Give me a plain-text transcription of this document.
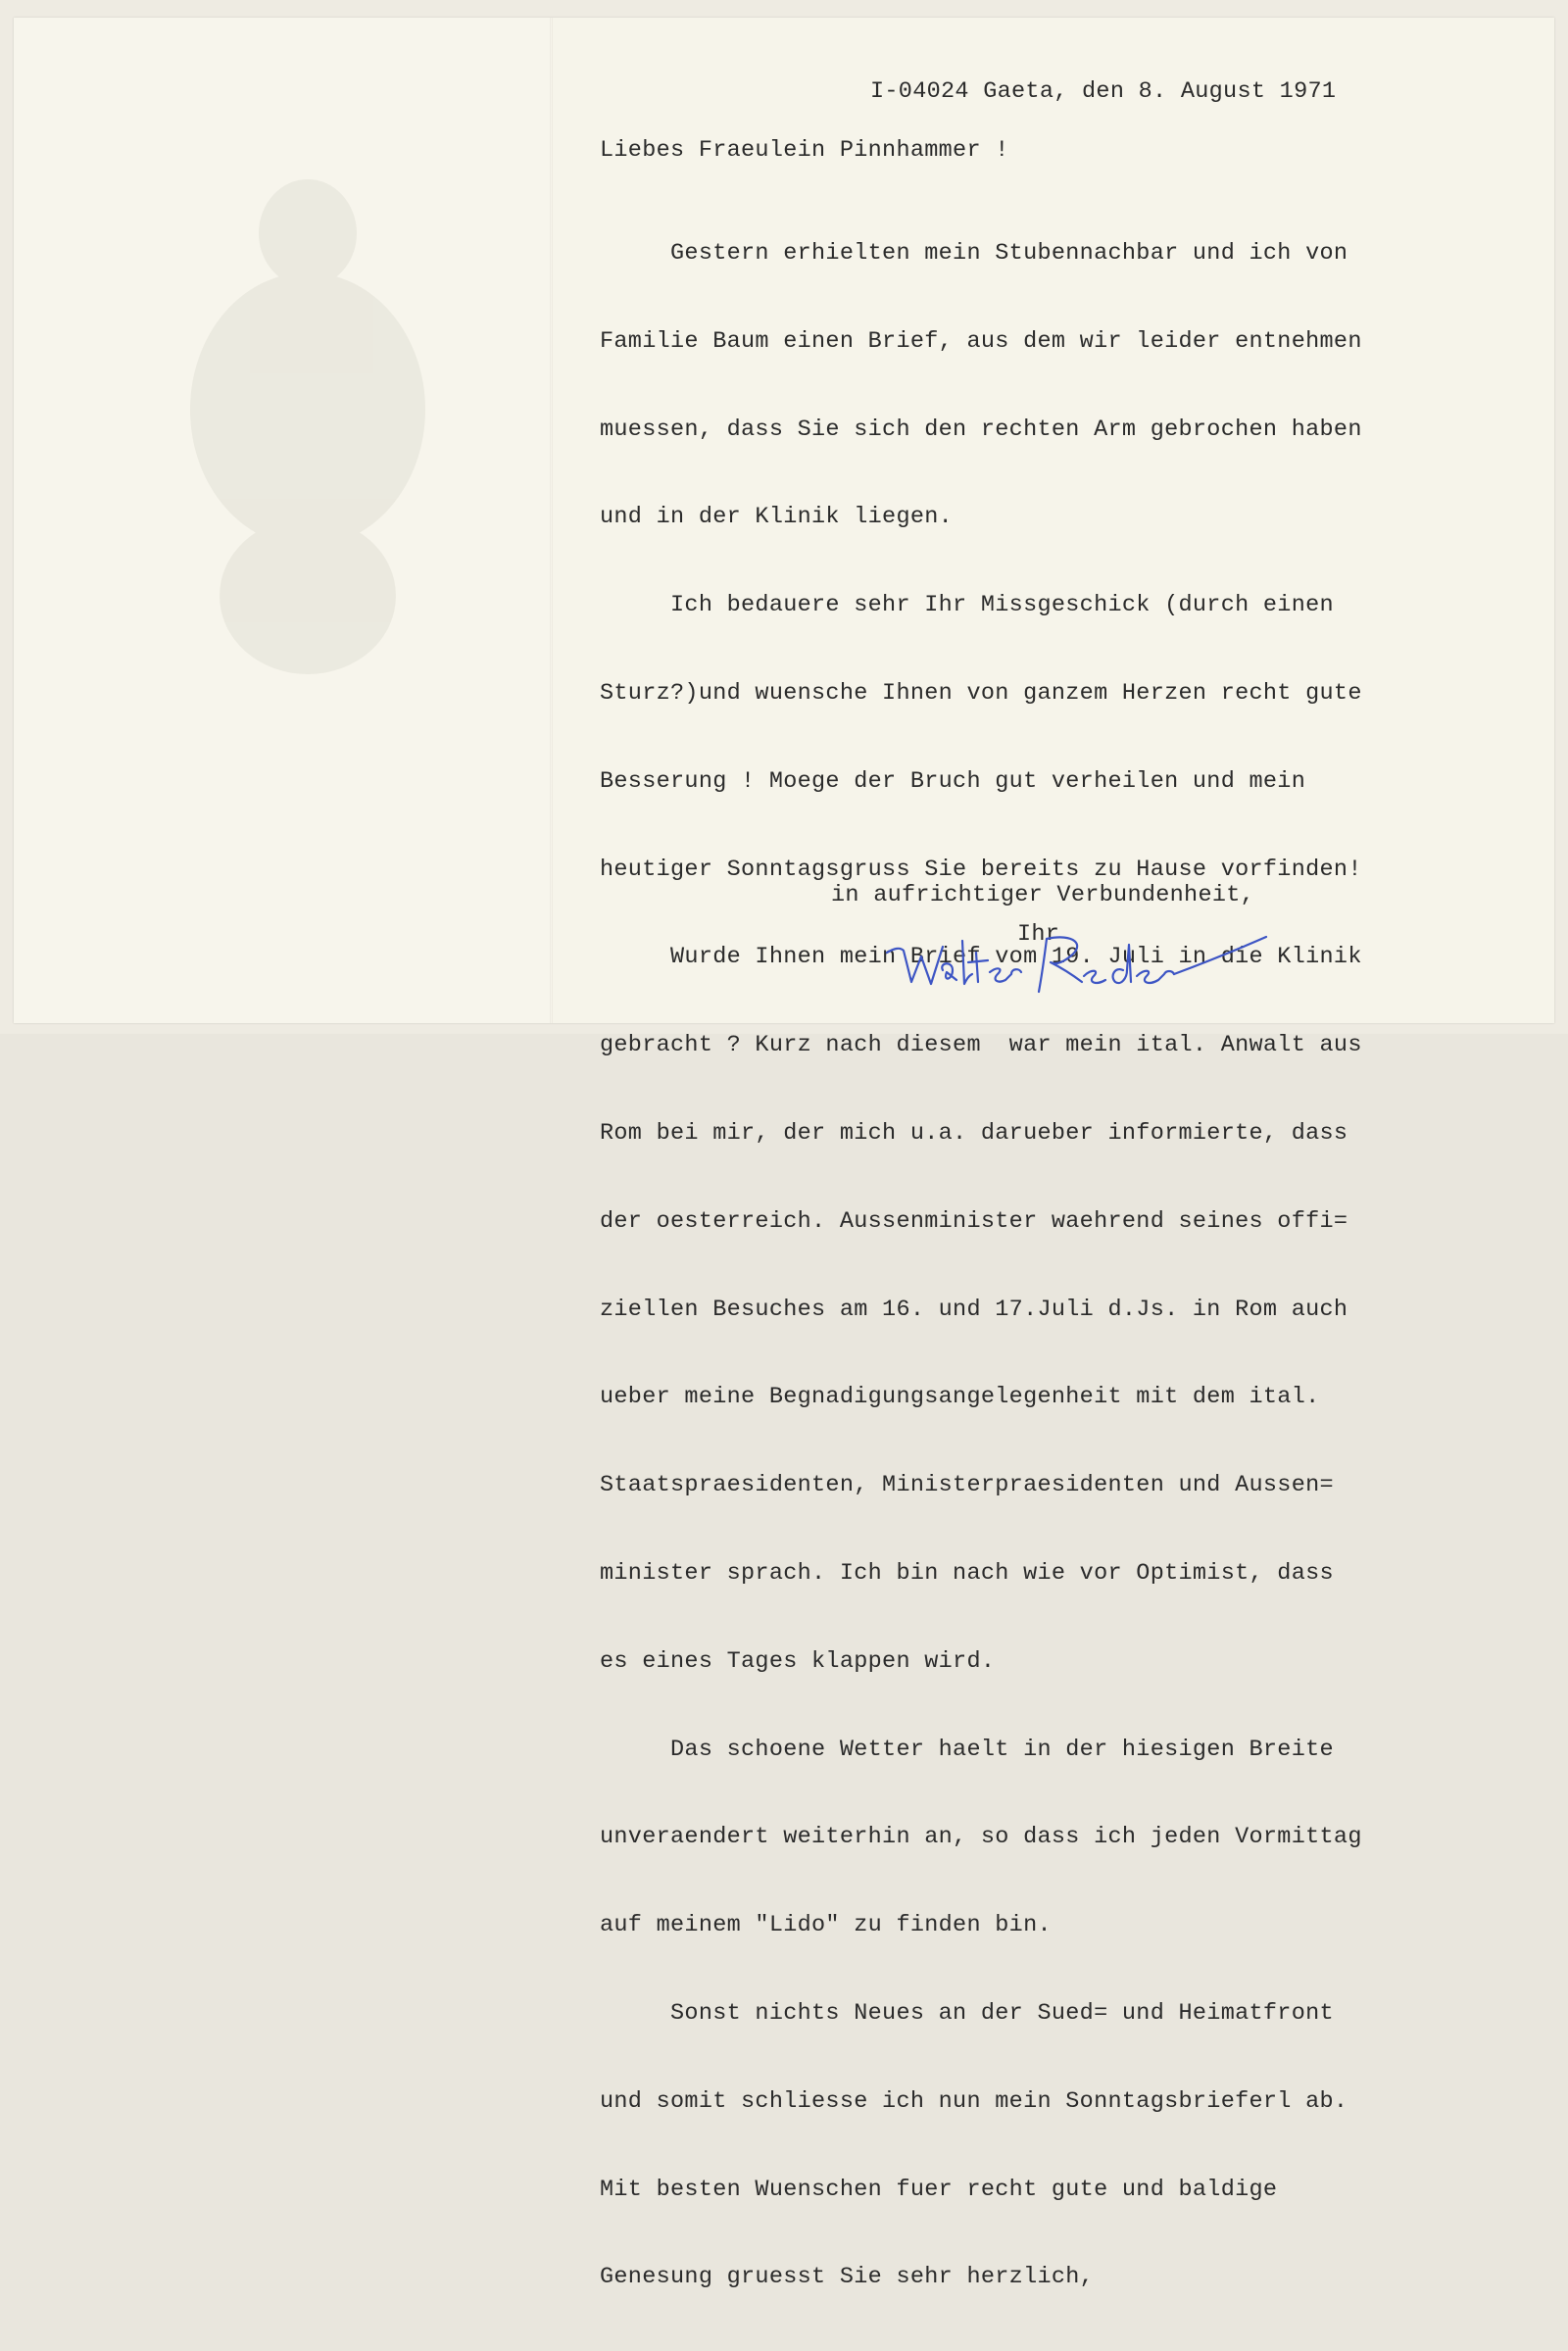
I-04024 Gaeta, den 8. August 1971
Liebes Fraeulein Pinnhammer !

Gestern erhielten mein Stubennachbar und ich von

Familie Baum einen Brief, aus dem wir leider entnehmen

muessen, dass Sie sich den rechten Arm gebrochen haben

und in der Klinik liegen.

Ich bedauere sehr Ihr Missgeschick (durch einen

Sturz?)und wuensche Ihnen von ganzem Herzen recht gute

Besserung ! Moege der Bruch gut verheilen und mein

heutiger Sonntagsgruss Sie bereits zu Hause vorfinden!

Wurde Ihnen mein Brief vom 19. Juli in die Klinik

gebracht ? Kurz nach diesem  war mein ital. Anwalt aus

Rom bei mir, der mich u.a. darueber informierte, dass

der oesterreich. Aussenminister waehrend seines offi=

ziellen Besuches am 16. und 17.Juli d.Js. in Rom auch

ueber meine Begnadigungsangelegenheit mit dem ital.

Staatspraesidenten, Ministerpraesidenten und Aussen=

minister sprach. Ich bin nach wie vor Optimist, dass

es eines Tages klappen wird.

Das schoene Wetter haelt in der hiesigen Breite

unveraendert weiterhin an, so dass ich jeden Vormittag

auf meinem "Lido" zu finden bin.

Sonst nichts Neues an der Sued= und Heimatfront

und somit schliesse ich nun mein Sonntagsbrieferl ab.

Mit besten Wuenschen fuer recht gute und baldige

Genesung gruesst Sie sehr herzlich,

in aufrichtiger Verbundenheit,
Ihr
